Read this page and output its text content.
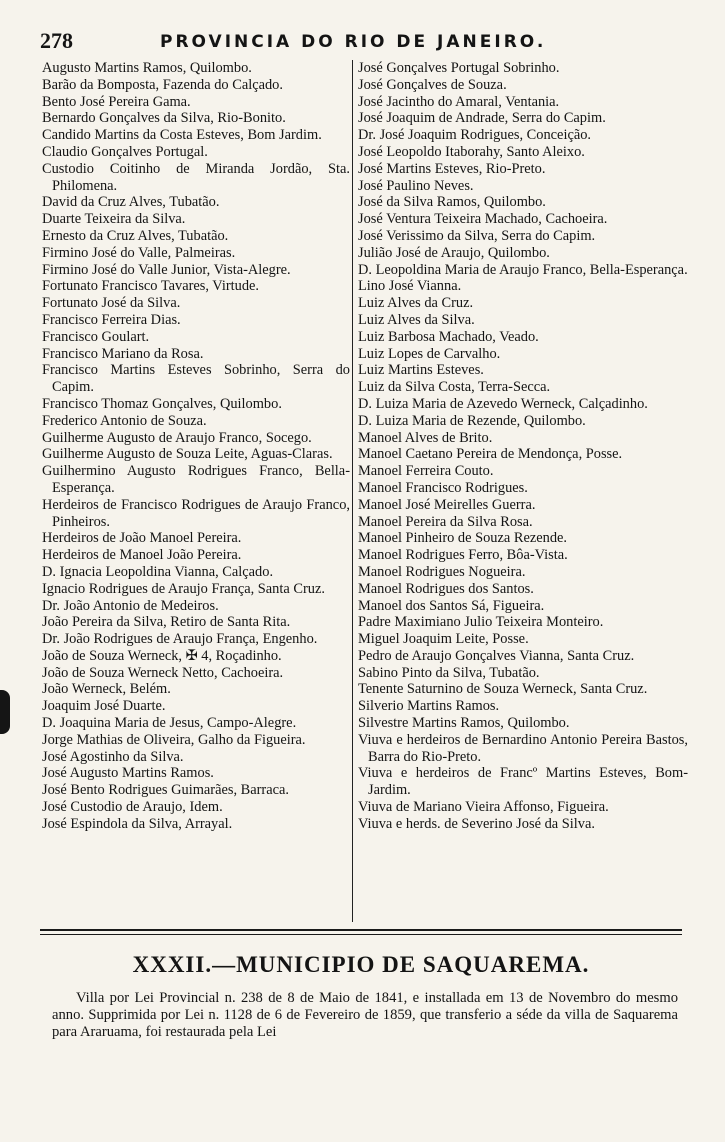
278	PROVINCIA DO RIO DE JANEIRO.
Augusto Martins Ramos, Quilombo.
Barão da Bomposta, Fazenda do Calçado.
Bento José Pereira Gama.
Bernardo Gonçalves da Silva, Rio-Bonito.
Candido Martins da Costa Esteves, Bom Jardim.
Claudio Gonçalves Portugal.
Custodio Coitinho de Miranda Jordão, Sta. Philomena.
David da Cruz Alves, Tubatão.
Duarte Teixeira da Silva.
Ernesto da Cruz Alves, Tubatão.
Firmino José do Valle, Palmeiras.
Firmino José do Valle Junior, Vista-Alegre.
Fortunato Francisco Tavares, Virtude.
Fortunato José da Silva.
Francisco Ferreira Dias.
Francisco Goulart.
Francisco Mariano da Rosa.
Francisco Martins Esteves Sobrinho, Serra do Capim.
Francisco Thomaz Gonçalves, Quilombo.
Frederico Antonio de Souza.
Guilherme Augusto de Araujo Franco, Socego.
Guilherme Augusto de Souza Leite, Aguas-Claras.
Guilhermino Augusto Rodrigues Franco, Bella-Esperança.
Herdeiros de Francisco Rodrigues de Araujo Franco, Pinheiros.
Herdeiros de João Manoel Pereira.
Herdeiros de Manoel João Pereira.
D. Ignacia Leopoldina Vianna, Calçado.
Ignacio Rodrigues de Araujo França, Santa Cruz.
Dr. João Antonio de Medeiros.
João Pereira da Silva, Retiro de Santa Rita.
Dr. João Rodrigues de Araujo França, Engenho.
João de Souza Werneck, ✠ 4, Roçadinho.
João de Souza Werneck Netto, Cachoeira.
João Werneck, Belém.
Joaquim José Duarte.
D. Joaquina Maria de Jesus, Campo-Alegre.
Jorge Mathias de Oliveira, Galho da Figueira.
José Agostinho da Silva.
José Augusto Martins Ramos.
José Bento Rodrigues Guimarães, Barraca.
José Custodio de Araujo, Idem.
José Espindola da Silva, Arrayal.
José Gonçalves Portugal Sobrinho.
José Gonçalves de Souza.
José Jacintho do Amaral, Ventania.
José Joaquim de Andrade, Serra do Capim.
Dr. José Joaquim Rodrigues, Conceição.
José Leopoldo Itaborahy, Santo Aleixo.
José Martins Esteves, Rio-Preto.
José Paulino Neves.
José da Silva Ramos, Quilombo.
José Ventura Teixeira Machado, Cachoeira.
José Verissimo da Silva, Serra do Capim.
Julião José de Araujo, Quilombo.
D. Leopoldina Maria de Araujo Franco, Bella-Esperança.
Lino José Vianna.
Luiz Alves da Cruz.
Luiz Alves da Silva.
Luiz Barbosa Machado, Veado.
Luiz Lopes de Carvalho.
Luiz Martins Esteves.
Luiz da Silva Costa, Terra-Secca.
D. Luiza Maria de Azevedo Werneck, Calçadinho.
D. Luiza Maria de Rezende, Quilombo.
Manoel Alves de Brito.
Manoel Caetano Pereira de Mendonça, Posse.
Manoel Ferreira Couto.
Manoel Francisco Rodrigues.
Manoel José Meirelles Guerra.
Manoel Pereira da Silva Rosa.
Manoel Pinheiro de Souza Rezende.
Manoel Rodrigues Ferro, Bôa-Vista.
Manoel Rodrigues Nogueira.
Manoel Rodrigues dos Santos.
Manoel dos Santos Sá, Figueira.
Padre Maximiano Julio Teixeira Monteiro.
Miguel Joaquim Leite, Posse.
Pedro de Araujo Gonçalves Vianna, Santa Cruz.
Sabino Pinto da Silva, Tubatão.
Tenente Saturnino de Souza Werneck, Santa Cruz.
Silverio Martins Ramos.
Silvestre Martins Ramos, Quilombo.
Viuva e herdeiros de Bernardino Antonio Pereira Bastos, Barra do Rio-Preto.
Viuva e herdeiros de Francº Martins Esteves, Bom-Jardim.
Viuva de Mariano Vieira Affonso, Figueira.
Viuva e herds. de Severino José da Silva.
XXXII.—MUNICIPIO DE SAQUAREMA.
Villa por Lei Provincial n. 238 de 8 de Maio de 1841, e installada em 13 de Novembro do mesmo anno. Supprimida por Lei n. 1128 de 6 de Fevereiro de 1859, que transferio a séde da villa de Saquarema para Araruama, foi restaurada pela Lei
